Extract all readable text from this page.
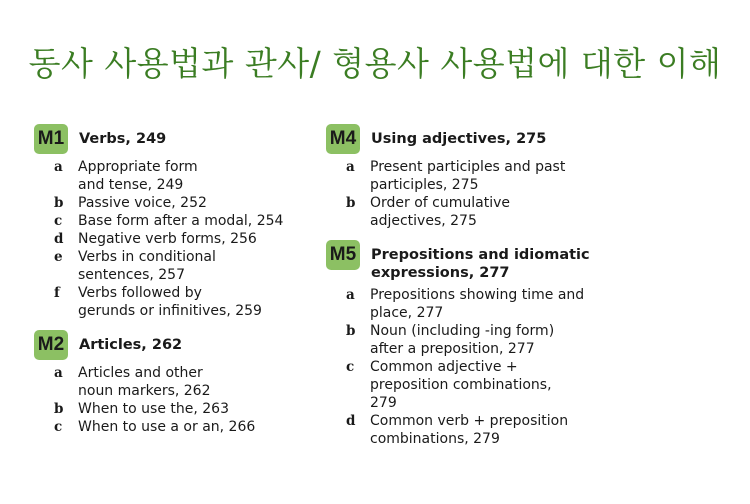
동사 사용법과 관사/ 형용사 사용법에 대한 이해
M1 Verbs, 249
a	Appropriate form and tense, 249
b	Passive voice, 252
c	Base form after a modal, 254
d	Negative verb forms, 256
e	Verbs in conditional sentences, 257
f	Verbs followed by gerunds or infinitives, 259
M2 Articles, 262
a	Articles and other noun markers, 262
b	When to use the, 263
c	When to use a or an, 266
M4 Using adjectives, 275
a	Present participles and past participles, 275
b	Order of cumulative adjectives, 275
M5 Prepositions and idiomatic expressions, 277
a	Prepositions showing time and place, 277
b	Noun (including -ing form) after a preposition, 277
c	Common adjective + preposition combinations, 279
d	Common verb + preposition combinations, 279
